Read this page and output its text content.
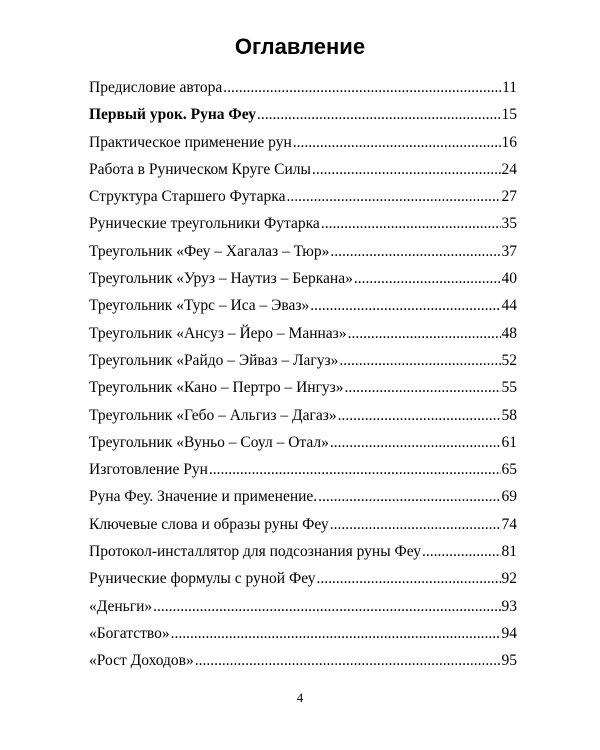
Оглавление
Предисловие автора .....	11
Первый урок. Руна Феу .....	15
Практическое применение рун .....	16
Работа в Руническом Круге Силы .....	24
Структура Старшего Футарка .....	27
Рунические треугольники Футарка .....	35
Треугольник «Феу – Хагалаз – Тюр» .....	37
Треугольник «Уруз – Наутиз – Беркана» .....	40
Треугольник «Турс – Иса – Эваз» .....	44
Треугольник «Ансуз – Йеро – Манназ» .....	48
Треугольник «Райдо – Эйваз – Лагуз» .....	52
Треугольник «Кано – Пертро – Ингуз» .....	55
Треугольник «Гебо – Альгиз – Дагаз» .....	58
Треугольник «Вуньо – Соул – Отал» .....	61
Изготовление Рун .....	65
Руна Феу. Значение и применение. .....	69
Ключевые слова и образы руны Феу .....	74
Протокол-инсталлятор для подсознания руны Феу .....	81
Рунические формулы с руной Феу .....	92
«Деньги» .....	93
«Богатство» .....	94
«Рост Доходов» .....	95
4
